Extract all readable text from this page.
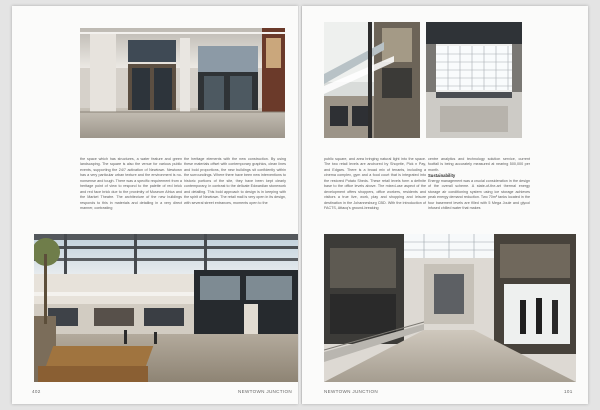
the space which has structures, a water feature and green landscaping. The square is also the venue for various public events, supporting the 24/7 activation of Newtown. Newtown has a very particular urban texture and the environment is no-nonsense and tough. There was a specific requirement from a heritage point of view to respond to the palette of red brick and red face brick due to the proximity of Museum Africa and the Market Theatre. The architecture of the new buildings responds to this in materials and detailing in a very direct manner, contrasting

the heritage elements with the new construction. By using these materials offset with contemporary graphics, clean lines and bold proportions, the new buildings sit confidently within the surroundings. Where there have been new interventions to historic portions of the site, they have been kept clearly contemporary, in contrast to the delicate Edwardian stonework and detailing. This bold approach to design is in keeping with the spirit of Newtown. The retail mall is very open in its design, with several street entrances, moments open to the

402	NEWTOWN JUNCTION

public square, and area bringing natural light into the space. The two retail levels are anchored by Shoprite, Pick n Pay, and Edgars. There is a broad mix of tenants, including a cinema complex, gym and a food court that is integrated into the restored Potato Sheds. These retail levels form a definite base to the office levels above. The mixed-use aspect of the development offers shoppers, office workers, residents and visitors a true live, work, play and shopping and leisure destination in the Johannesburg CBD. With the introduction of FACTS, Attacq's ground-breaking

centre analytics and technology solution service, current footfall is being accurately measured at nearing 500,000 per month.

Sustainability

Energy management was a crucial consideration in the design of the overall scheme. A state-of-the-art thermal energy storage air conditioning system using ice storage achieves peak energy demand reduction. Two 70m³ tanks located in the four basement levels are filled with 5 Mega Joule and glycol infused chilled water that makes

NEWTOWN JUNCTION	101
